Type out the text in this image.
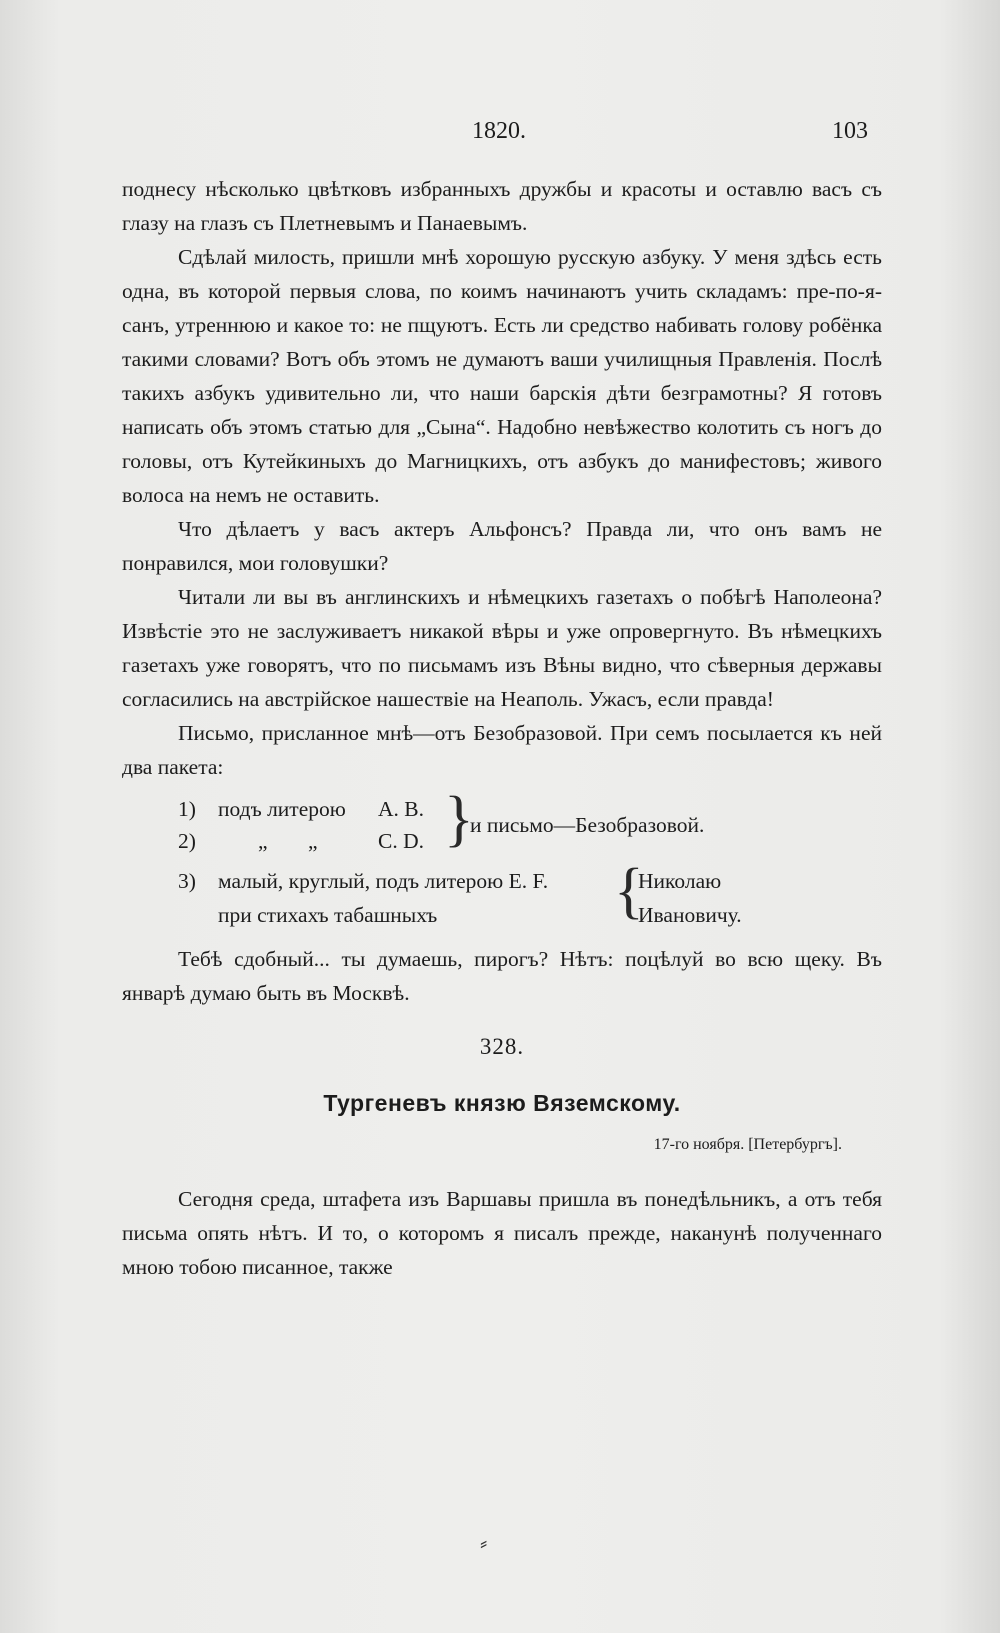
1820.	103

поднесу нѣсколько цвѣтковъ избранныхъ дружбы и красоты и оставлю васъ съ глазу на глазъ съ Плетневымъ и Панаевымъ.

Сдѣлай милость, пришли мнѣ хорошую русскую азбуку. У меня здѣсь есть одна, въ которой первыя слова, по коимъ начинаютъ учить складамъ: пре-по-я-санъ, утреннюю и какое то: не пщуютъ. Есть ли средство набивать голову робёнка такими словами? Вотъ объ этомъ не думаютъ ваши училищныя Правленія. Послѣ такихъ азбукъ удивительно ли, что наши барскія дѣти безграмотны? Я готовъ написать объ этомъ статью для „Сына“. Надобно невѣжество колотить съ ногъ до головы, отъ Кутейкиныхъ до Магницкихъ, отъ азбукъ до манифестовъ; живого волоса на немъ не оставить.

Что дѣлаетъ у васъ актеръ Альфонсъ? Правда ли, что онъ вамъ не понравился, мои головушки?

Читали ли вы въ англинскихъ и нѣмецкихъ газетахъ о побѣгѣ Наполеона? Извѣстіе это не заслуживаетъ никакой вѣры и уже опровергнуто. Въ нѣмецкихъ газетахъ уже говорятъ, что по письмамъ изъ Вѣны видно, что сѣверныя державы согласились на австрійское нашествіе на Неаполь. Ужасъ, если правда!

Письмо, присланное мнѣ—отъ Безобразовой. При семъ посылается къ ней два пакета:

1) подъ литерою А. В.
2)	„ „	С. D. }
и письмо—Безобразовой.
3) малый, круглый, подъ литерою Е. F.
при стихахъ табашныхъ	{
Николаю
Ивановичу.

Тебѣ сдобный... ты думаешь, пирогъ? Нѣтъ: поцѣлуй во всю щеку. Въ январѣ думаю быть въ Москвѣ.

328.
Тургеневъ князю Вяземскому.
17-го ноября. [Петербургъ].

Сегодня среда, штафета изъ Варшавы пришла въ понедѣльникъ, а отъ тебя письма опять нѣтъ. И то, о которомъ я писалъ прежде, наканунѣ полученнаго мною тобою писанное, также

⸗
